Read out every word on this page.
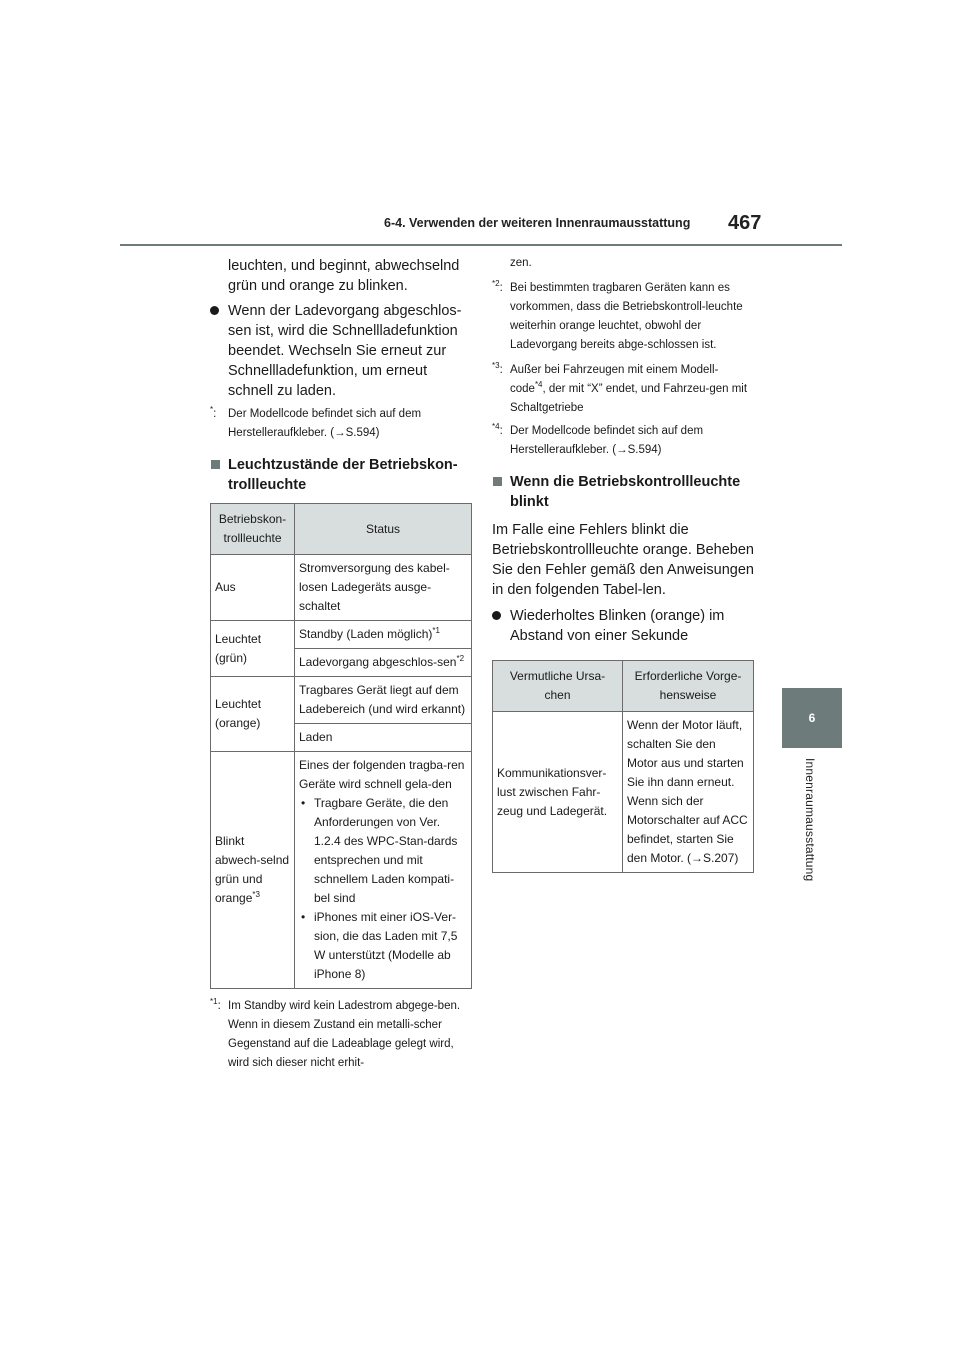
6-4. Verwenden der weiteren Innenraumausstattung 467
6
Innenraumausstattung

leuchten, und beginnt, abwechselnd

grün und orange zu blinken.

Wenn der Ladevorgang abgeschlos-sen ist, wird die Schnellladefunktion beendet. Wechseln Sie erneut zur Schnellladefunktion, um erneut schnell zu laden.
*: Der Modellcode befindet sich auf dem Herstelleraufkleber. (→S.594)
Leuchtzustände der Betriebskon-trollleuchte
Betriebskon-trollleuchte	Status
Aus	Stromversorgung des kabel-losen Ladegeräts ausge-schaltet
Leuchtet (grün)	Standby (Laden möglich)$^{*1}$
	Ladevorgang abgeschlos-sen$^{*2}$
Leuchtet (orange)	Tragbares Gerät liegt auf dem Ladebereich (und wird erkannt)
	Laden
Blinkt abwech-selnd grün und orange$^{*3}$	Eines der folgenden tragba-ren Geräte wird schnell gela-den
• Tragbare Geräte, die den Anforderungen von Ver. 1.2.4 des WPC-Stan-dards entsprechen und mit schnellem Laden kompati-bel sind
• iPhones mit einer iOS-Ver-sion, die das Laden mit 7,5 W unterstützt (Modelle ab iPhone 8)
$^{*1}$: Im Standby wird kein Ladestrom abgege-ben. Wenn in diesem Zustand ein metalli-scher Gegenstand auf die Ladeablage gelegt wird, wird sich dieser nicht erhit-
zen.
$^{*2}$: Bei bestimmten tragbaren Geräten kann es vorkommen, dass die Betriebskontroll-leuchte weiterhin orange leuchtet, obwohl der Ladevorgang bereits abge-schlossen ist.
$^{*3}$: Außer bei Fahrzeugen mit einem Modell-code$^{*4}$, der mit “X” endet, und Fahrzeu-gen mit Schaltgetriebe
$^{*4}$: Der Modellcode befindet sich auf dem Herstelleraufkleber. (→S.594)
Wenn die Betriebskontrollleuchte blinkt

Im Falle eine Fehlers blinkt die Betriebskontrollleuchte orange. Beheben Sie den Fehler gemäß den Anweisungen in den folgenden Tabel-len.

Wiederholtes Blinken (orange) im Abstand von einer Sekunde
Vermutliche Ursa-chen	Erforderliche Vorge-hensweise
Kommunikationsver-lust zwischen Fahr-zeug und Ladegerät.	Wenn der Motor läuft, schalten Sie den Motor aus und starten Sie ihn dann erneut. Wenn sich der Motorschalter auf ACC befindet, starten Sie den Motor. (→S.207)
